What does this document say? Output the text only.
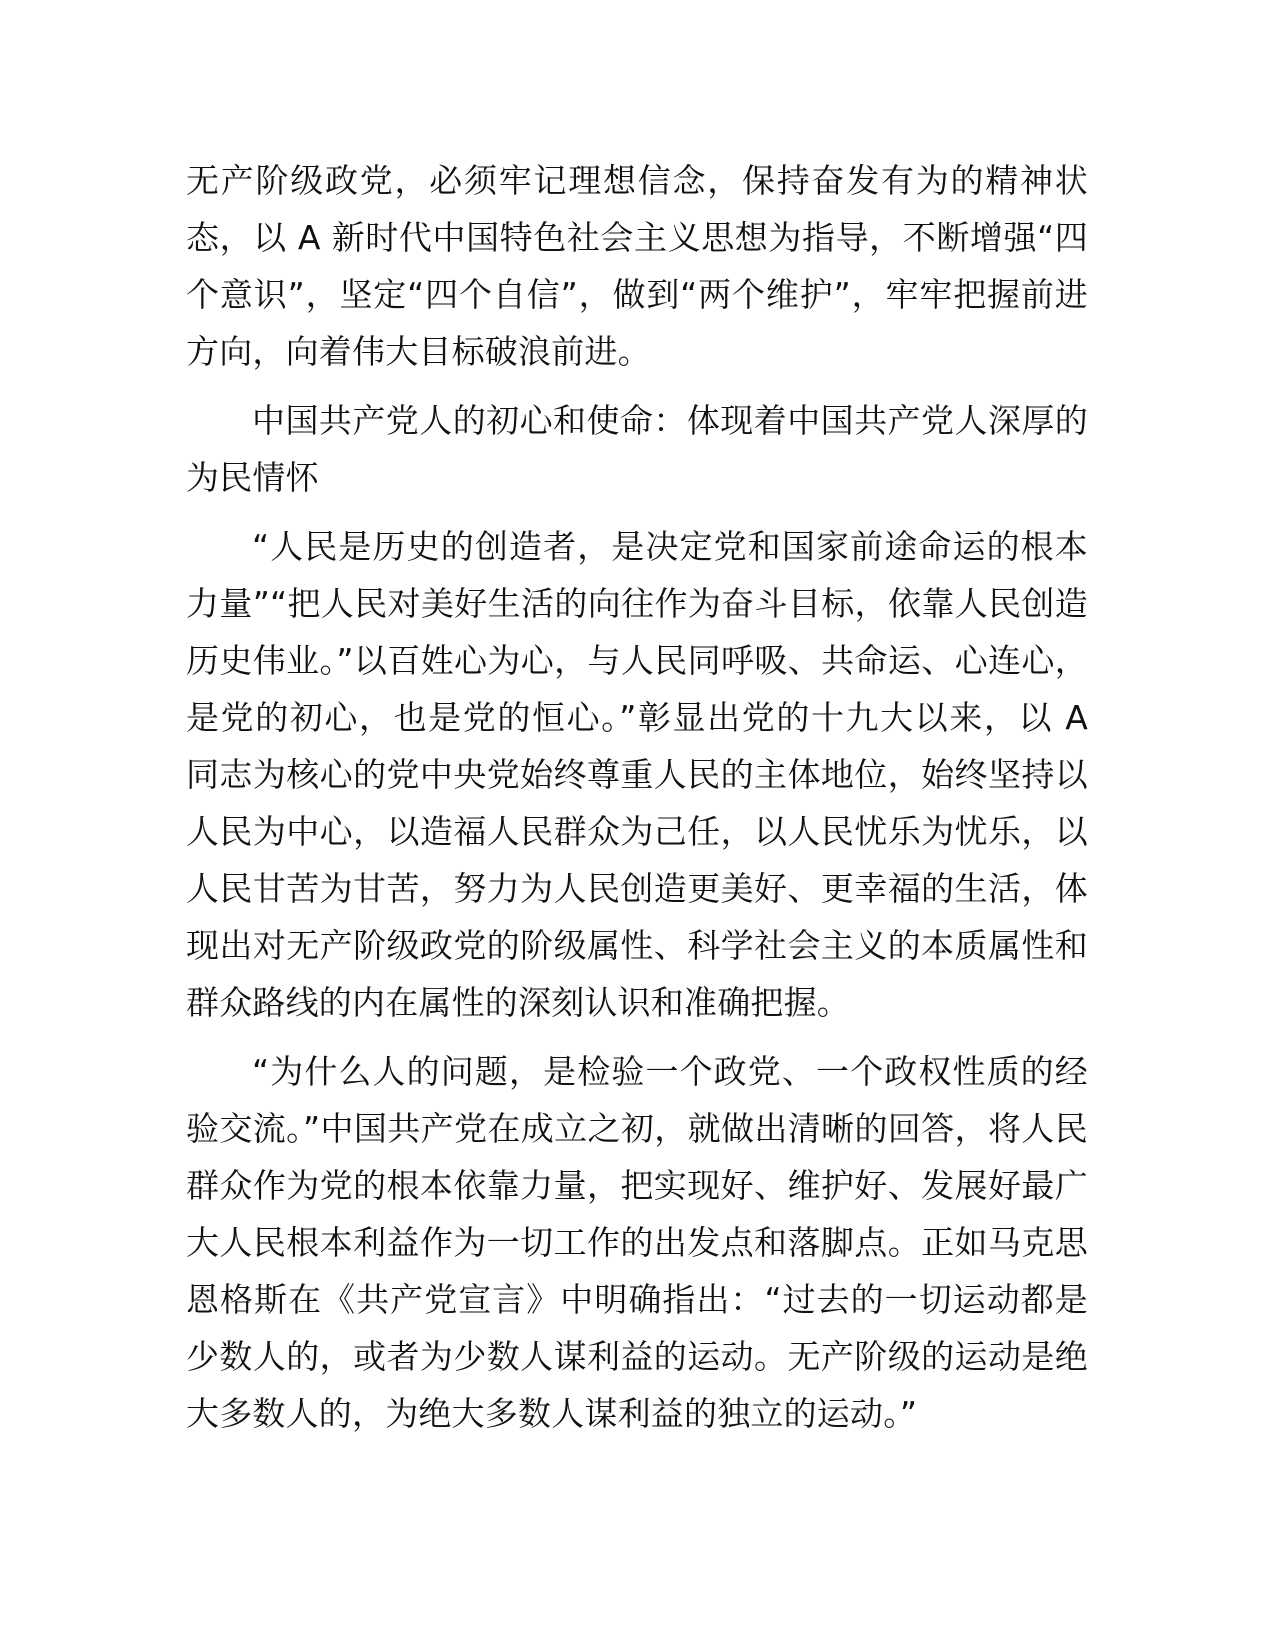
无产阶级政党，必须牢记理想信念，保持奋发有为的精神状态，以 A 新时代中国特色社会主义思想为指导，不断增强“四个意识”，坚定“四个自信”，做到“两个维护”，牢牢把握前进方向，向着伟大目标破浪前进。

中国共产党人的初心和使命：体现着中国共产党人深厚的为民情怀

“人民是历史的创造者，是决定党和国家前途命运的根本力量”“把人民对美好生活的向往作为奋斗目标，依靠人民创造历史伟业。”以百姓心为心，与人民同呼吸、共命运、心连心，是党的初心，也是党的恒心。”彰显出党的十九大以来，以 A 同志为核心的党中央党始终尊重人民的主体地位，始终坚持以人民为中心，以造福人民群众为己任，以人民忧乐为忧乐，以人民甘苦为甘苦，努力为人民创造更美好、更幸福的生活，体现出对无产阶级政党的阶级属性、科学社会主义的本质属性和群众路线的内在属性的深刻认识和准确把握。

“为什么人的问题，是检验一个政党、一个政权性质的经验交流。”中国共产党在成立之初，就做出清晰的回答，将人民群众作为党的根本依靠力量，把实现好、维护好、发展好最广大人民根本利益作为一切工作的出发点和落脚点。正如马克思恩格斯在《共产党宣言》中明确指出：“过去的一切运动都是少数人的，或者为少数人谋利益的运动。无产阶级的运动是绝大多数人的，为绝大多数人谋利益的独立的运动。”
